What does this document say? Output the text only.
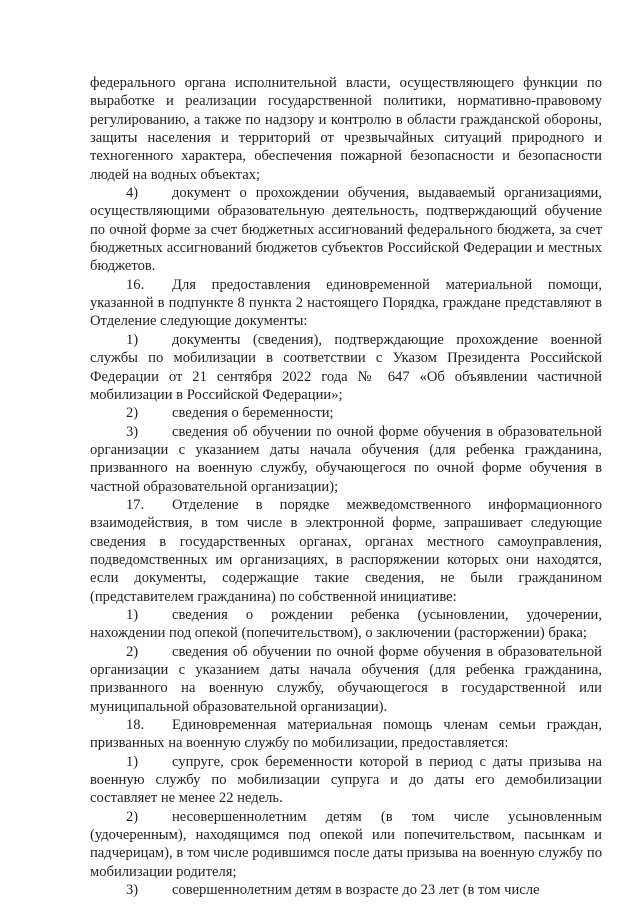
федерального органа исполнительной власти, осуществляющего функции по выработке и реализации государственной политики, нормативно-правовому регулированию, а также по надзору и контролю в области гражданской обороны, защиты населения и территорий от чрезвычайных ситуаций природного и техногенного характера, обеспечения пожарной безопасности и безопасности людей на водных объектах;

4) документ о прохождении обучения, выдаваемый организациями, осуществляющими образовательную деятельность, подтверждающий обучение по очной форме за счет бюджетных ассигнований федерального бюджета, за счет бюджетных ассигнований бюджетов субъектов Российской Федерации и местных бюджетов.

16. Для предоставления единовременной материальной помощи, указанной в подпункте 8 пункта 2 настоящего Порядка, граждане представляют в Отделение следующие документы:

1) документы (сведения), подтверждающие прохождение военной службы по мобилизации в соответствии с Указом Президента Российской Федерации от 21 сентября 2022 года № 647 «Об объявлении частичной мобилизации в Российской Федерации»;

2) сведения о беременности;

3) сведения об обучении по очной форме обучения в образовательной организации с указанием даты начала обучения (для ребенка гражданина, призванного на военную службу, обучающегося по очной форме обучения в частной образовательной организации);

17. Отделение в порядке межведомственного информационного взаимодействия, в том числе в электронной форме, запрашивает следующие сведения в государственных органах, органах местного самоуправления, подведомственных им организациях, в распоряжении которых они находятся, если документы, содержащие такие сведения, не были гражданином (представителем гражданина) по собственной инициативе:

1) сведения о рождении ребенка (усыновлении, удочерении, нахождении под опекой (попечительством), о заключении (расторжении) брака;

2) сведения об обучении по очной форме обучения в образовательной организации с указанием даты начала обучения (для ребенка гражданина, призванного на военную службу, обучающегося в государственной или муниципальной образовательной организации).

18. Единовременная материальная помощь членам семьи граждан, призванных на военную службу по мобилизации, предоставляется:

1) супруге, срок беременности которой в период с даты призыва на военную службу по мобилизации супруга и до даты его демобилизации составляет не менее 22 недель.

2) несовершеннолетним детям (в том числе усыновленным (удочеренным), находящимся под опекой или попечительством, пасынкам и падчерицам), в том числе родившимся после даты призыва на военную службу по мобилизации родителя;

3) совершеннолетним детям в возрасте до 23 лет (в том числе
